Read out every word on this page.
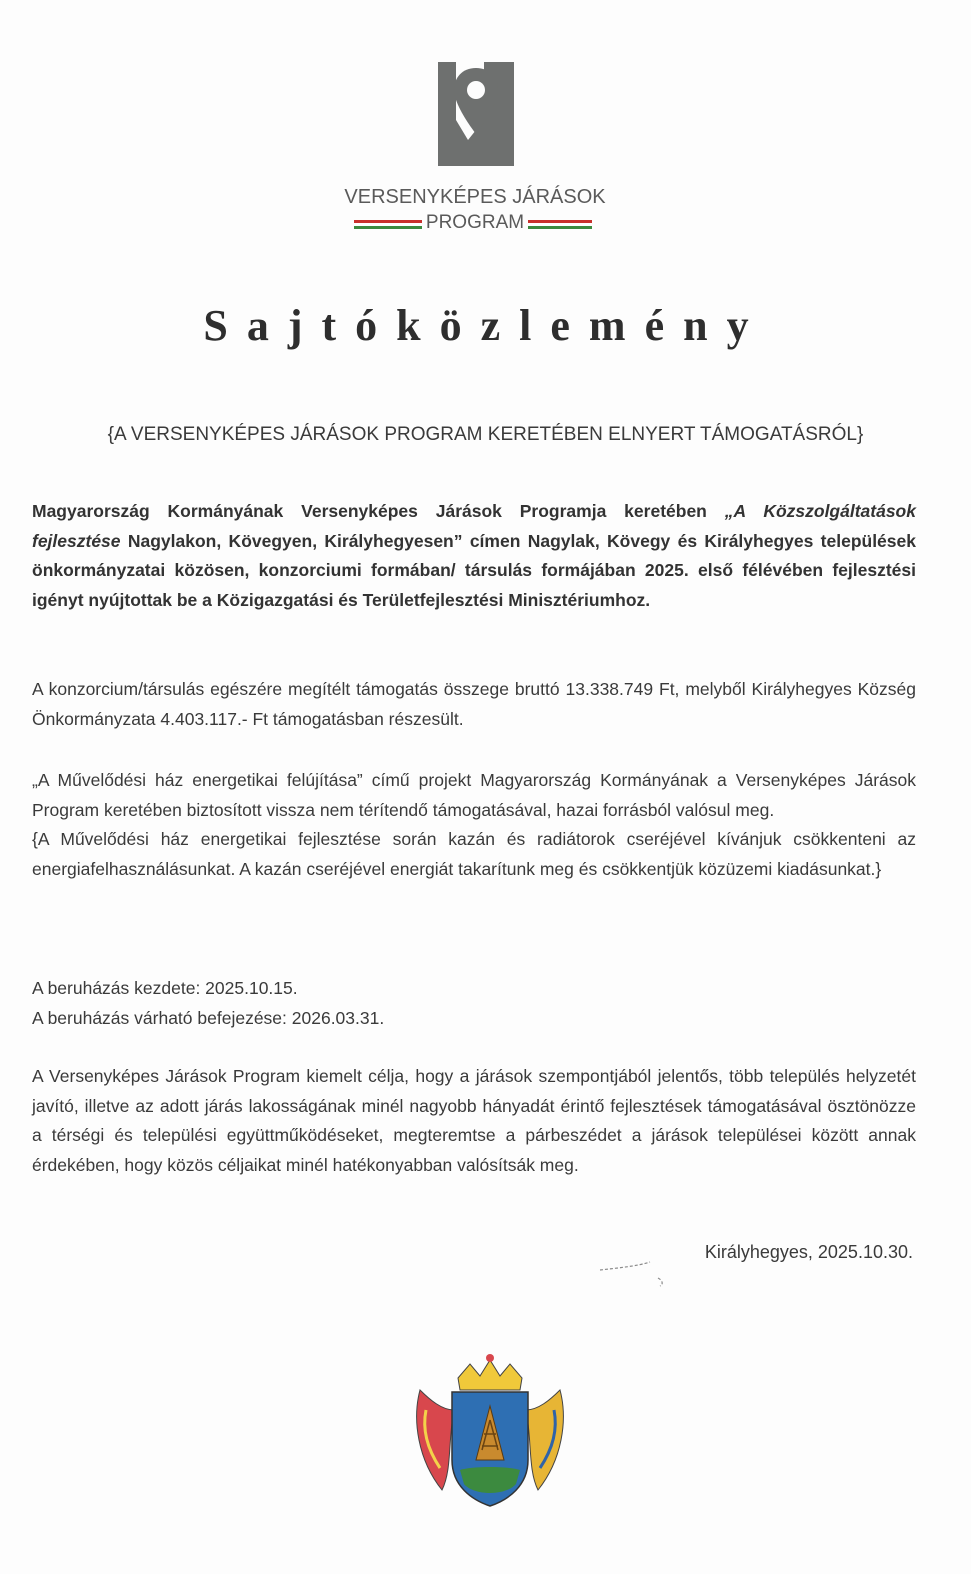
VERSENYKÉPES JÁRÁSOK
PROGRAM
Sajtóközlemény
{A VERSENYKÉPES JÁRÁSOK PROGRAM KERETÉBEN ELNYERT TÁMOGATÁSRÓL}
Magyarország Kormányának Versenyképes Járások Programja keretében „A Közszolgáltatások fejlesztése Nagylakon, Kövegyen, Királyhegyesen” címen Nagylak, Kövegy és Királyhegyes települések önkormányzatai közösen, konzorciumi formában/ társulás formájában 2025. első félévében fejlesztési igényt nyújtottak be a Közigazgatási és Területfejlesztési Minisztériumhoz.
A konzorcium/társulás egészére megítélt támogatás összege bruttó 13.338.749 Ft, melyből Királyhegyes Község Önkormányzata 4.403.117.- Ft támogatásban részesült.
„A Művelődési ház energetikai felújítása” című projekt Magyarország Kormányának a Versenyképes Járások Program keretében biztosított vissza nem térítendő támogatásával, hazai forrásból valósul meg.
{A Művelődési ház energetikai fejlesztése során kazán és radiátorok cseréjével kívánjuk csökkenteni az energiafelhasználásunkat. A kazán cseréjével energiát takarítunk meg és csökkentjük közüzemi kiadásunkat.}
A beruházás kezdete: 2025.10.15.
A beruházás várható befejezése: 2026.03.31.
A Versenyképes Járások Program kiemelt célja, hogy a járások szempontjából jelentős, több település helyzetét javító, illetve az adott járás lakosságának minél nagyobb hányadát érintő fejlesztések támogatásával ösztönözze a térségi és települési együttműködéseket, megteremtse a párbeszédet a járások települései között annak érdekében, hogy közös céljaikat minél hatékonyabban valósítsák meg.
Királyhegyes, 2025.10.30.
